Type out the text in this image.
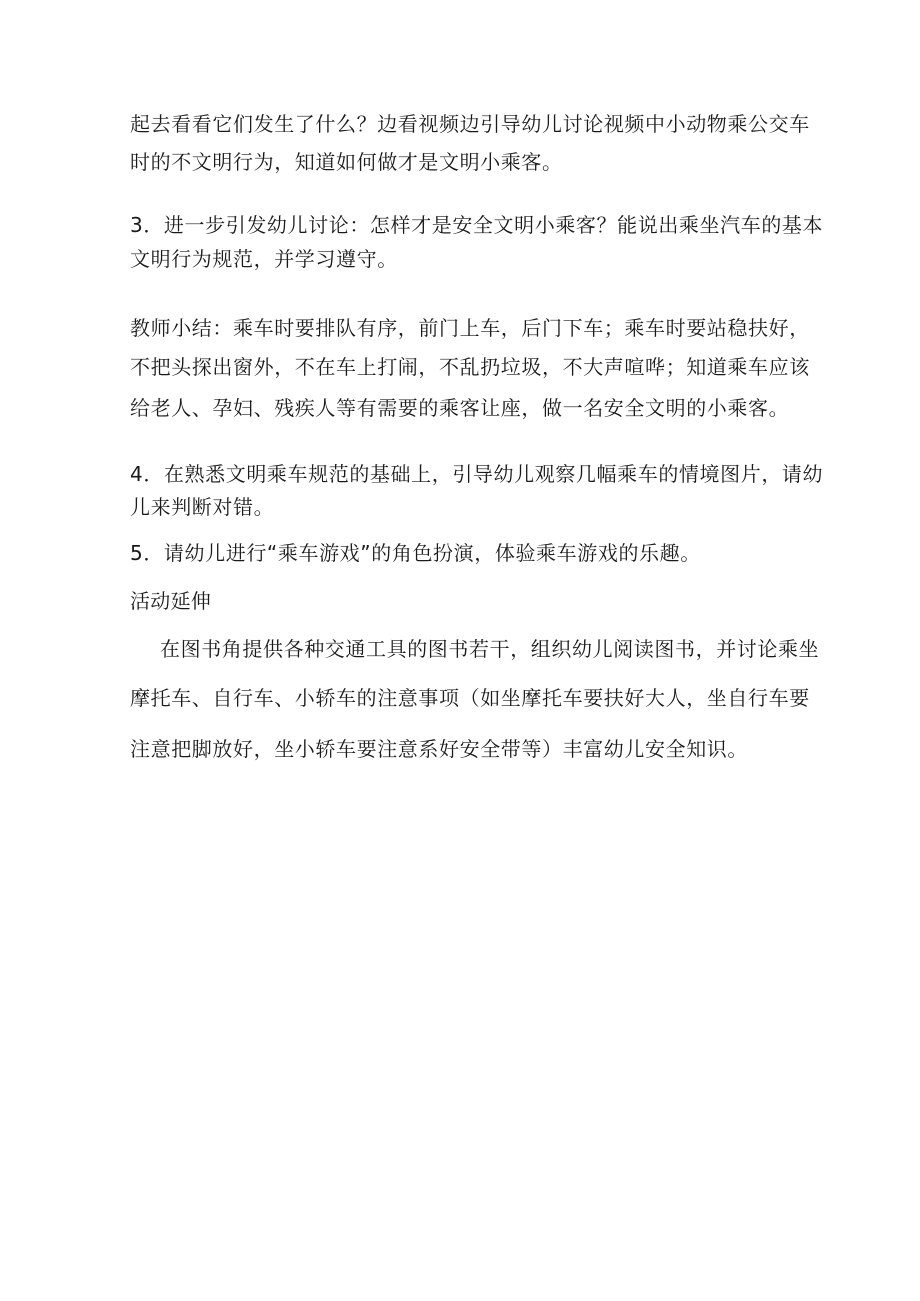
起去看看它们发生了什么？边看视频边引导幼儿讨论视频中小动物乘公交车
时的不文明行为，知道如何做才是文明小乘客。
3．进一步引发幼儿讨论：怎样才是安全文明小乘客？能说出乘坐汽车的基本
文明行为规范，并学习遵守。
教师小结：乘车时要排队有序，前门上车，后门下车；乘车时要站稳扶好，
不把头探出窗外，不在车上打闹，不乱扔垃圾，不大声喧哗；知道乘车应该
给老人、孕妇、残疾人等有需要的乘客让座，做一名安全文明的小乘客。
4．在熟悉文明乘车规范的基础上，引导幼儿观察几幅乘车的情境图片，请幼
儿来判断对错。
5．请幼儿进行“乘车游戏”的角色扮演，体验乘车游戏的乐趣。
活动延伸
在图书角提供各种交通工具的图书若干，组织幼儿阅读图书，并讨论乘坐
摩托车、自行车、小轿车的注意事项（如坐摩托车要扶好大人，坐自行车要
注意把脚放好，坐小轿车要注意系好安全带等）丰富幼儿安全知识。
